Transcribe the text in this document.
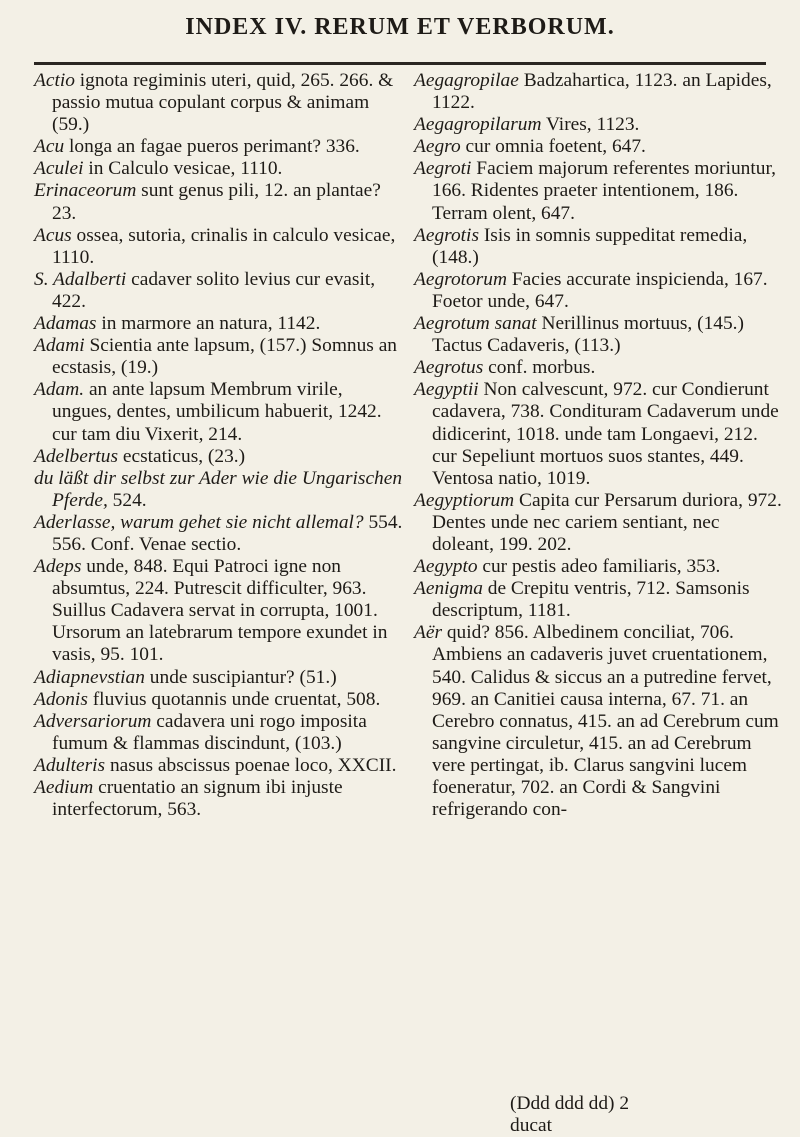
INDEX IV. RERUM ET VERBORUM.
Actio ignota regiminis uteri, quid, 265. 266. & passio mutua copulant corpus & animam (59.)
Acu longa an fagae pueros perimant? 336.
Aculei in Calculo vesicae, 1110.
Erinaceorum sunt genus pili, 12. an plantae? 23.
Acus ossea, sutoria, crinalis in calculo vesicae, 1110.
S. Adalberti cadaver solito levius cur evasit, 422.
Adamas in marmore an natura, 1142.
Adami Scientia ante lapsum, (157.) Somnus an ecstasis, (19.)
Adam. an ante lapsum Membrum virile, ungues, dentes, umbilicum habuerit, 1242. cur tam diu Vixerit, 214.
Adelbertus ecstaticus, (23.)
du läßt dir selbst zur Ader wie die Ungarischen Pferde, 524.
Aderlasse, warum gehet sie nicht allemal? 554. 556. Conf. Venae sectio.
Adeps unde, 848. Equi Patroci igne non absumtus, 224. Putrescit difficulter, 963. Suillus Cadavera servat in corrupta, 1001. Ursorum an latebrarum tempore exundet in vasis, 95. 101.
Adiapnevstian unde suscipiantur? (51.)
Adonis fluvius quotannis unde cruentat, 508.
Adversariorum cadavera uni rogo imposita fumum & flammas discindunt, (103.)
Adulteris nasus abscissus poenae loco, XXCII.
Aedium cruentatio an signum ibi injuste interfectorum, 563.
Aegagropilae Badzahartica, 1123. an Lapides, 1122.
Aegagropilarum Vires, 1123.
Aegro cur omnia foetent, 647.
Aegroti Faciem majorum referentes moriuntur, 166. Ridentes praeter intentionem, 186. Terram olent, 647.
Aegrotis Isis in somnis suppeditat remedia, (148.)
Aegrotorum Facies accurate inspicienda, 167. Foetor unde, 647.
Aegrotum sanat Nerillinus mortuus, (145.) Tactus Cadaveris, (113.)
Aegrotus conf. morbus.
Aegyptii Non calvescunt, 972. cur Condierunt cadavera, 738. Condituram Cadaverum unde didicerint, 1018. unde tam Longaevi, 212. cur Sepeliunt mortuos suos stantes, 449. Ventosa natio, 1019.
Aegyptiorum Capita cur Persarum duriora, 972. Dentes unde nec cariem sentiant, nec doleant, 199. 202.
Aegypto cur pestis adeo familiaris, 353.
Aenigma de Crepitu ventris, 712. Samsonis descriptum, 1181.
Aër quid? 856. Albedinem conciliat, 706. Ambiens an cadaveris juvet cruentationem, 540. Calidus & siccus an a putredine fervet, 969. an Canitiei causa interna, 67. 71. an Cerebro connatus, 415. an ad Cerebrum cum sangvine circuletur, 415. an ad Cerebrum vere pertingat, ib. Clarus sangvini lucem foeneratur, 702. an Cordi & Sangvini refrigerando con-
(Ddd ddd dd) 2 ducat
